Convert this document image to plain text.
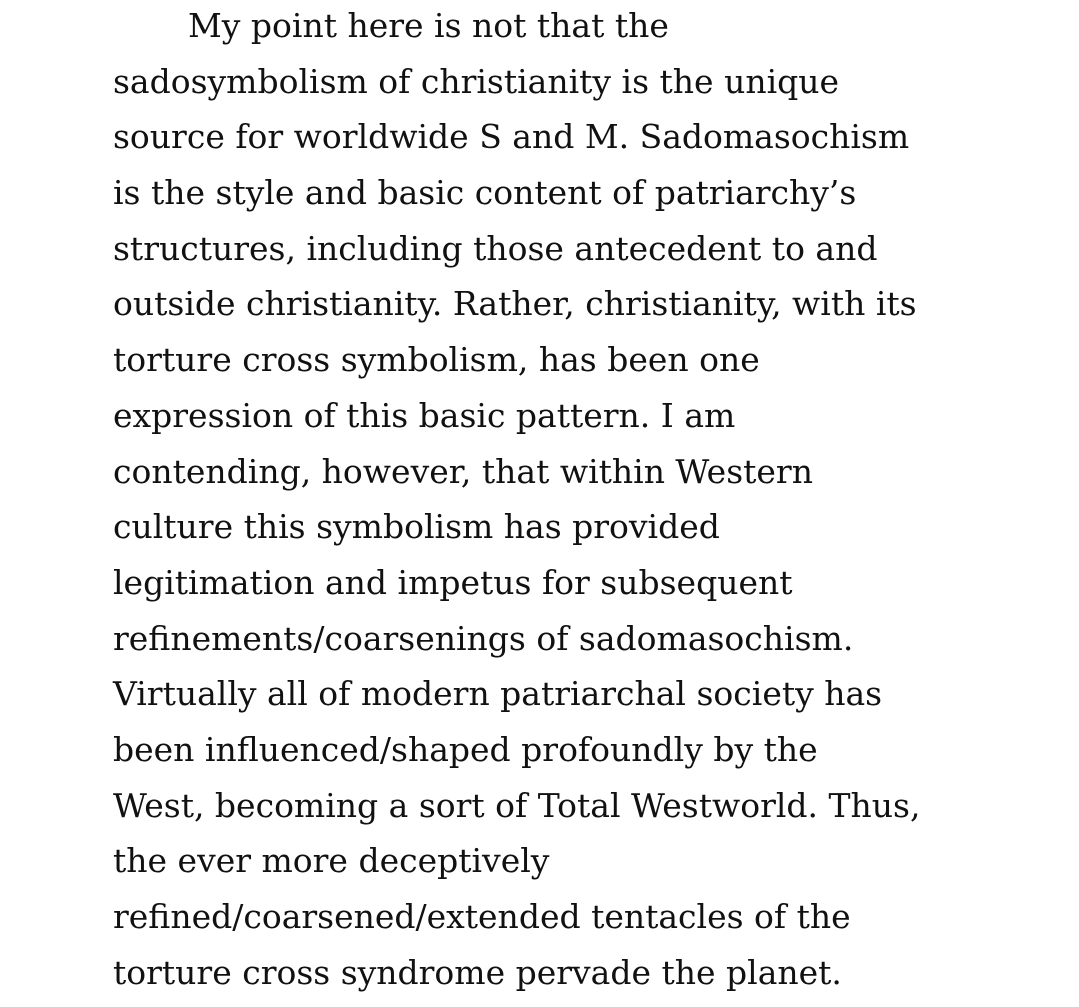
My point here is not that the
sadosymbolism of christianity is the unique
source for worldwide S and M. Sadomasochism
is the style and basic content of patriarchy’s
structures, including those antecedent to and
outside christianity. Rather, christianity, with its
torture cross symbolism, has been one
expression of this basic pattern. I am
contending, however, that within Western
culture this symbolism has provided
legitimation and impetus for subsequent
refinements/coarsenings of sadomasochism.
Virtually all of modern patriarchal society has
been influenced/shaped profoundly by the
West, becoming a sort of Total Westworld. Thus,
the ever more deceptively
refined/coarsened/extended tentacles of the
torture cross syndrome pervade the planet.
